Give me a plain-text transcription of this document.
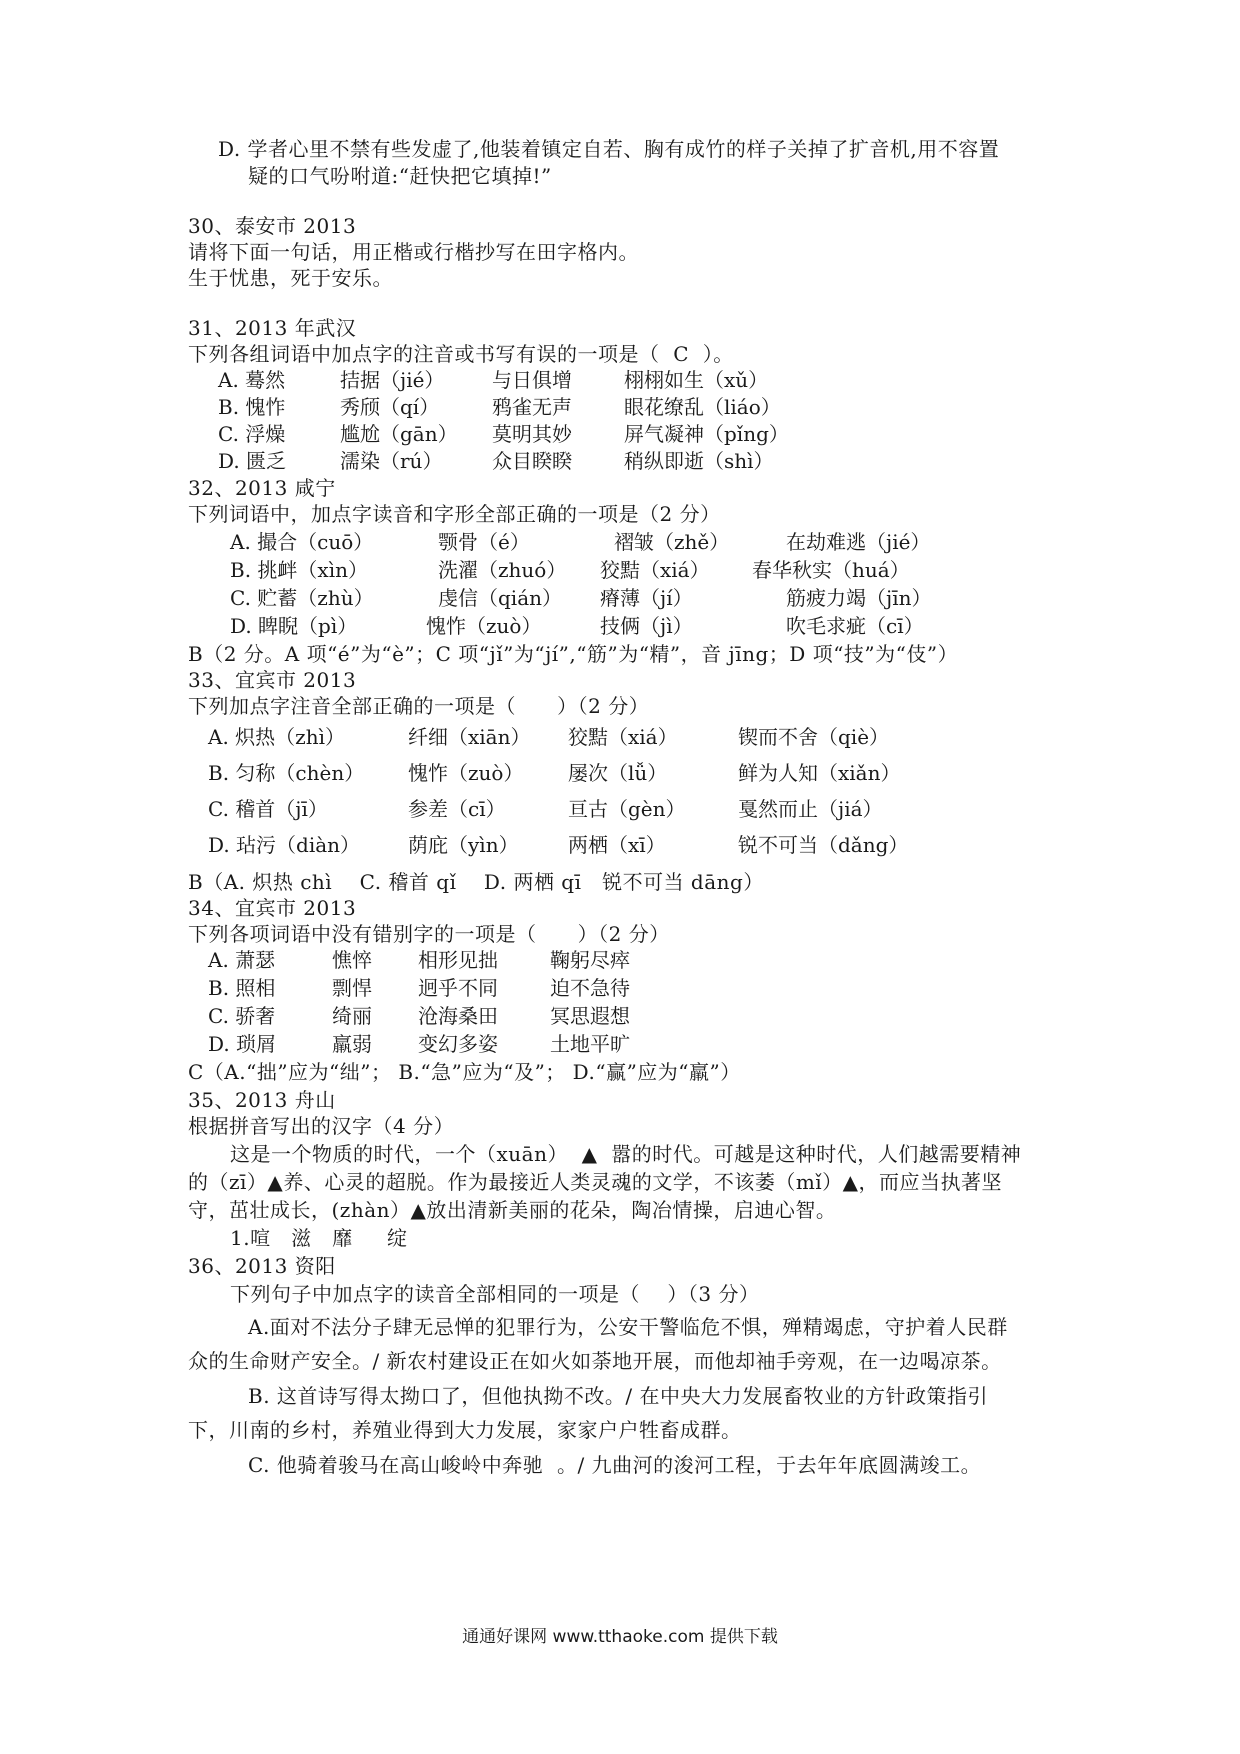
D. 学者心里不禁有些发虚了,他装着镇定自若、胸有成竹的样子关掉了扩音机,用不容置
疑的口气吩咐道:“赶快把它填掉!”
30、泰安市 2013
请将下面一句话，用正楷或行楷抄写在田字格内。
生于忧患，死于安乐。
31、2013 年武汉
下列各组词语中加点字的注音或书写有误的一项是（  C  ）。
A. 蓦然	拮据（jié） 与日俱增	栩栩如生（xǔ）
B. 愧怍	秀颀（qí）	鸦雀无声	眼花缭乱（liáo）
C. 浮燥	尴尬（gān） 莫明其妙	屏气凝神（pǐng）
D. 匮乏	濡染（rú） 众目睽睽	稍纵即逝（shì）
32、2013 咸宁
下列词语中，加点字读音和字形全部正确的一项是（2 分）
A. 撮合（cuō）	颚骨（é）	褶皱（zhě）	在劫难逃（jié）
B. 挑衅（xìn）	洗濯（zhuó） 狡黠（xiá） 春华秋实（huá）
C. 贮蓄（zhù）	虔信（qián） 瘠薄（jí）	筋疲力竭（jīn）
D. 睥睨（pì）	愧怍（zuò）	技俩（jì）	吹毛求疵（cī）
B（2 分。A 项“é”为“è”；C 项“jǐ”为“jí”,“筋”为“精”，音 jīng；D 项“技”为“伎”）
33、宜宾市 2013
下列加点字注音全部正确的一项是（      ）（2 分）
A. 炽热（zhì）	纤细（xiān） 狡黠（xiá）	锲而不舍（qiè）
B. 匀称（chèn） 愧怍（zuò） 屡次（lǚ）	鲜为人知（xiǎn）
C. 稽首（jī）	参差（cī）	亘古（gèn）	戛然而止（jiá）
D. 玷污（diàn） 荫庇（yìn） 两栖（xī）	锐不可当（dǎng）
B（A. 炽热 chì    C. 稽首 qǐ    D. 两栖 qī   锐不可当 dāng）
34、宜宾市 2013
下列各项词语中没有错别字的一项是（      ）（2 分）
A. 萧瑟	憔悴 相形见拙	鞠躬尽瘁
B. 照相	剽悍 迥乎不同	迫不急待
C. 骄奢	绮丽 沧海桑田	冥思遐想
D. 琐屑	羸弱 变幻多姿	土地平旷
C（A.“拙”应为“绌”； B.“急”应为“及”； D.“赢”应为“羸”）
35、2013 舟山
根据拼音写出的汉字（4 分）
这是一个物质的时代，一个（xuān）  ▲  嚣的时代。可越是这种时代，人们越需要精神
的（zī）▲养、心灵的超脱。作为最接近人类灵魂的文学，不该萎（mǐ）▲，而应当执著坚
守，茁壮成长，(zhàn）▲放出清新美丽的花朵，陶冶情操，启迪心智。
1.喧   滋   靡     绽
36、2013 资阳
下列句子中加点字的读音全部相同的一项是（    ）（3 分）
A.面对不法分子肆无忌惮的犯罪行为，公安干警临危不惧，殚精竭虑，守护着人民群
众的生命财产安全。/ 新农村建设正在如火如荼地开展，而他却袖手旁观，在一边喝凉茶。
B. 这首诗写得太拗口了，但他执拗不改。/ 在中央大力发展畜牧业的方针政策指引
下，川南的乡村，养殖业得到大力发展，家家户户牲畜成群。
C. 他骑着骏马在高山峻岭中奔驰  。/ 九曲河的浚河工程，于去年年底圆满竣工。
通通好课网 www.tthaoke.com 提供下载
